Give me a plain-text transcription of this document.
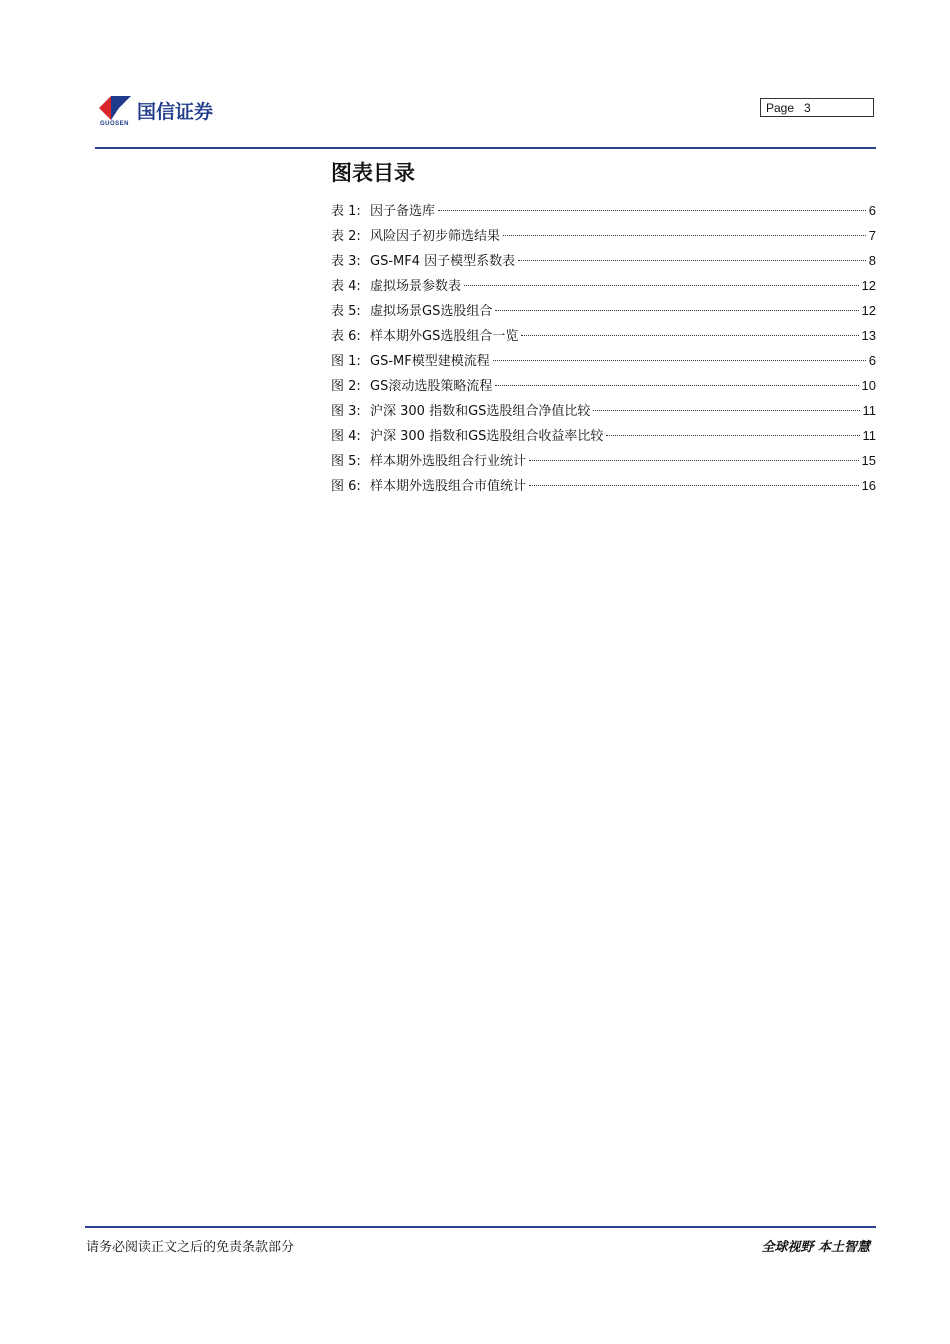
国信证券
GUOSEN
Page 3
图表目录
表 1: 因子备选库	6
表 2: 风险因子初步筛选结果	7
表 3: GS-MF4 因子模型系数表	8
表 4: 虚拟场景参数表	12
表 5: 虚拟场景GS选股组合	12
表 6: 样本期外GS选股组合一览	13
图 1: GS-MF模型建模流程	6
图 2: GS滚动选股策略流程	10
图 3: 沪深 300 指数和GS选股组合净值比较	11
图 4: 沪深 300 指数和GS选股组合收益率比较	11
图 5: 样本期外选股组合行业统计	15
图 6: 样本期外选股组合市值统计	16
请务必阅读正文之后的免责条款部分	全球视野 本土智慧
